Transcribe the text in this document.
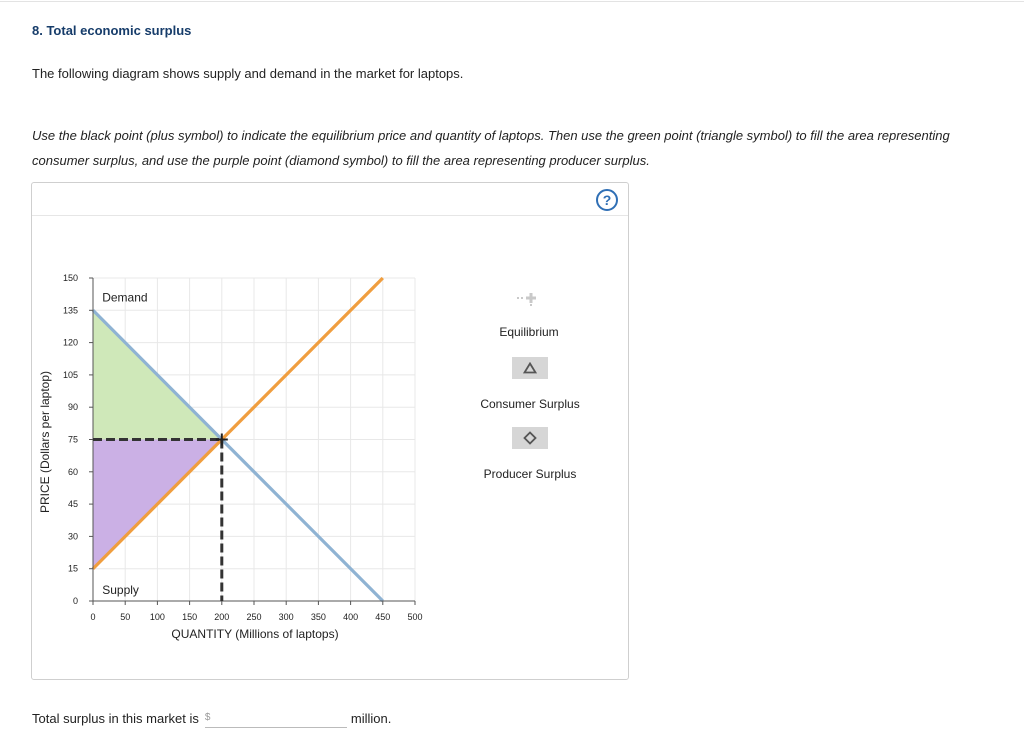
8. Total economic surplus
The following diagram shows supply and demand in the market for laptops.
Use the black point (plus symbol) to indicate the equilibrium price and quantity of laptops. Then use the green point (triangle symbol) to fill the area representing consumer surplus, and use the purple point (diamond symbol) to fill the area representing producer surplus.
?
0
15
30
45
60
75
90
105
120
135
150
0	50 100 150 200 250 300 350 400 450 500
Demand
Supply
PRICE (Dollars per laptop)
QUANTITY (Millions of laptops)
Equilibrium
Consumer Surplus
Producer Surplus
Total surplus in this market is $	million.
